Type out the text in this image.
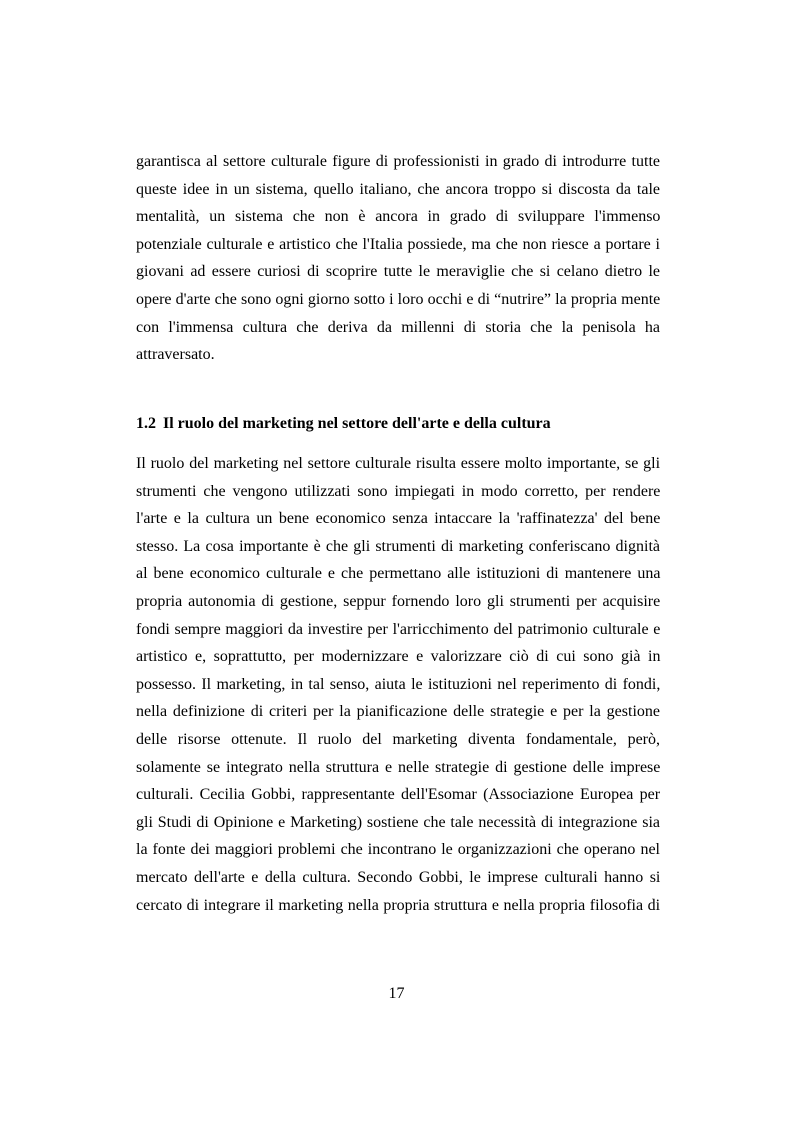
garantisca al settore culturale figure di professionisti in grado di introdurre tutte
queste idee in un sistema, quello italiano, che ancora troppo si discosta da tale
mentalità, un sistema che non è ancora in grado di sviluppare l'immenso
potenziale culturale e artistico che l'Italia possiede, ma che non riesce a portare i
giovani ad essere curiosi di scoprire tutte le meraviglie che si celano dietro le
opere d'arte che sono ogni giorno sotto i loro occhi e di “nutrire” la propria mente
con l'immensa cultura che deriva da millenni di storia che la penisola ha
attraversato.
1.2 Il ruolo del marketing nel settore dell'arte e della cultura
Il ruolo del marketing nel settore culturale risulta essere molto importante, se gli
strumenti che vengono utilizzati sono impiegati in modo corretto, per rendere
l'arte e la cultura un bene economico senza intaccare la 'raffinatezza' del bene
stesso. La cosa importante è che gli strumenti di marketing conferiscano dignità
al bene economico culturale e che permettano alle istituzioni di mantenere una
propria autonomia di gestione, seppur fornendo loro gli strumenti per acquisire
fondi sempre maggiori da investire per l'arricchimento del patrimonio culturale e
artistico e, soprattutto, per modernizzare e valorizzare ciò di cui sono già in
possesso. Il marketing, in tal senso, aiuta le istituzioni nel reperimento di fondi,
nella definizione di criteri per la pianificazione delle strategie e per la gestione
delle risorse ottenute. Il ruolo del marketing diventa fondamentale, però,
solamente se integrato nella struttura e nelle strategie di gestione delle imprese
culturali. Cecilia Gobbi, rappresentante dell'Esomar (Associazione Europea per
gli Studi di Opinione e Marketing) sostiene che tale necessità di integrazione sia
la fonte dei maggiori problemi che incontrano le organizzazioni che operano nel
mercato dell'arte e della cultura. Secondo Gobbi, le imprese culturali hanno si
cercato di integrare il marketing nella propria struttura e nella propria filosofia di
17
